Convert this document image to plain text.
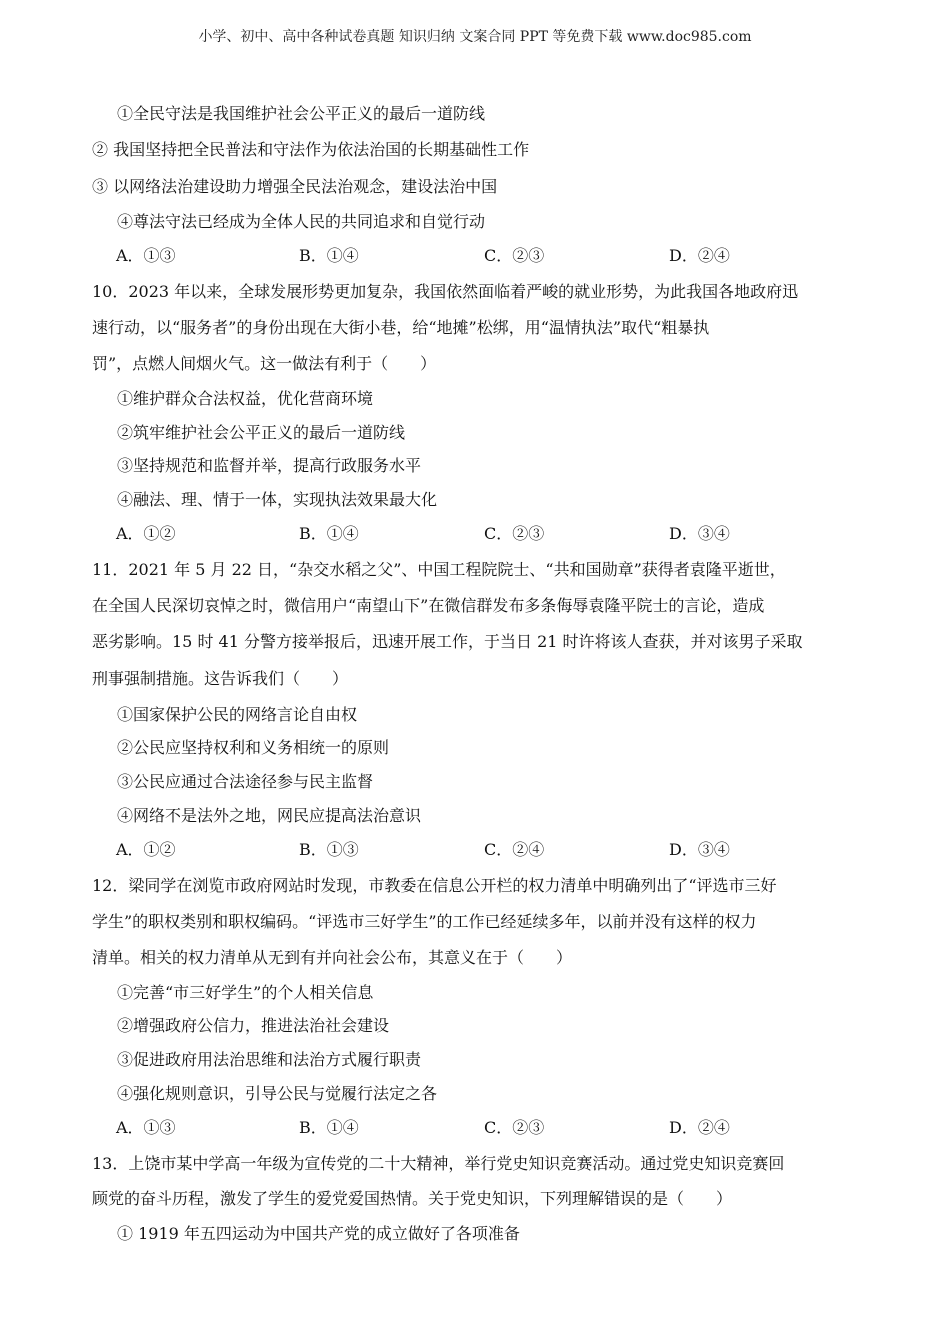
小学、初中、高中各种试卷真题 知识归纳 文案合同 PPT 等免费下载 www.doc985.com
①全民守法是我国维护社会公平正义的最后一道防线
② 我国坚持把全民普法和守法作为依法治国的长期基础性工作
③ 以网络法治建设助力增强全民法治观念，建设法治中国
④尊法守法已经成为全体人民的共同追求和自觉行动
A．①③	B．①④	C．②③	D．②④
10．2023 年以来，全球发展形势更加复杂，我国依然面临着严峻的就业形势，为此我国各地政府迅
速行动，以“服务者”的身份出现在大街小巷，给“地摊”松绑，用“温情执法”取代“粗暴执
罚”，点燃人间烟火气。这一做法有利于（　　）
①维护群众合法权益，优化营商环境
②筑牢维护社会公平正义的最后一道防线
③坚持规范和监督并举，提高行政服务水平
④融法、理、情于一体，实现执法效果最大化
A．①②	B．①④	C．②③	D．③④
11．2021 年 5 月 22 日，“杂交水稻之父”、中国工程院院士、“共和国勋章”获得者袁隆平逝世，
在全国人民深切哀悼之时，微信用户“南望山下”在微信群发布多条侮辱袁隆平院士的言论，造成
恶劣影响。15 时 41 分警方接举报后，迅速开展工作，于当日 21 时许将该人查获，并对该男子采取
刑事强制措施。这告诉我们（　　）
①国家保护公民的网络言论自由权
②公民应坚持权利和义务相统一的原则
③公民应通过合法途径参与民主监督
④网络不是法外之地，网民应提高法治意识
A．①②	B．①③	C．②④	D．③④
12．梁同学在浏览市政府网站时发现，市教委在信息公开栏的权力清单中明确列出了“评选市三好
学生”的职权类别和职权编码。“评选市三好学生”的工作已经延续多年，以前并没有这样的权力
清单。相关的权力清单从无到有并向社会公布，其意义在于（　　）
①完善“市三好学生”的个人相关信息
②增强政府公信力，推进法治社会建设
③促进政府用法治思维和法治方式履行职责
④强化规则意识，引导公民与觉履行法定之各
A．①③	B．①④	C．②③	D．②④
13．上饶市某中学高一年级为宣传党的二十大精神，举行党史知识竞赛活动。通过党史知识竞赛回
顾党的奋斗历程，激发了学生的爱党爱国热情。关于党史知识，下列理解错误的是（　　）
① 1919 年五四运动为中国共产党的成立做好了各项准备
